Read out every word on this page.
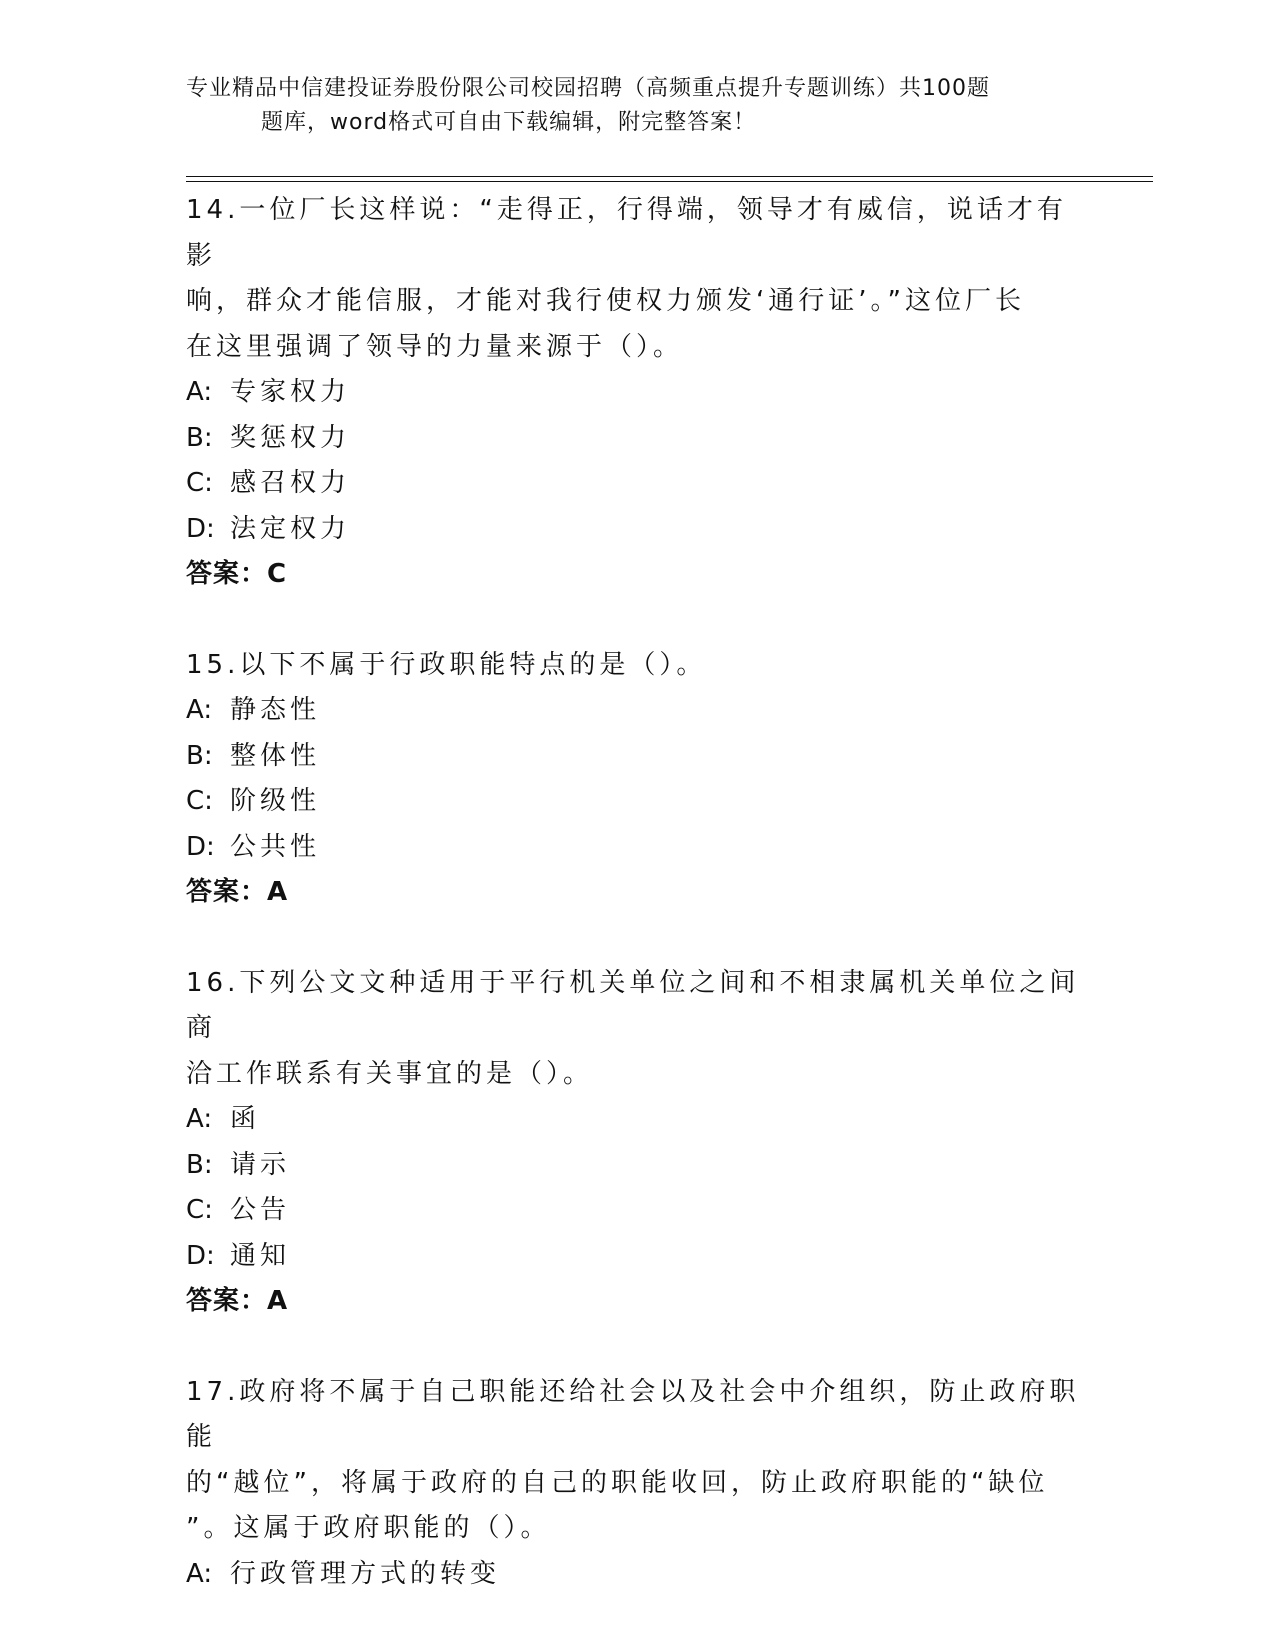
专业精品中信建投证券股份限公司校园招聘（高频重点提升专题训练）共100题
题库，word格式可自由下载编辑，附完整答案！
14.一位厂长这样说：“走得正，行得端，领导才有威信，说话才有影
响，群众才能信服，才能对我行使权力颁发‘通行证’。”这位厂长
在这里强调了领导的力量来源于（）。
A: 专家权力
B: 奖惩权力
C: 感召权力
D: 法定权力
答案：C
15.以下不属于行政职能特点的是（）。
A: 静态性
B: 整体性
C: 阶级性
D: 公共性
答案：A
16.下列公文文种适用于平行机关单位之间和不相隶属机关单位之间商
洽工作联系有关事宜的是（）。
A: 函
B: 请示
C: 公告
D: 通知
答案：A
17.政府将不属于自己职能还给社会以及社会中介组织，防止政府职能
的“越位”，将属于政府的自己的职能收回，防止政府职能的“缺位
”。这属于政府职能的（）。
A: 行政管理方式的转变
